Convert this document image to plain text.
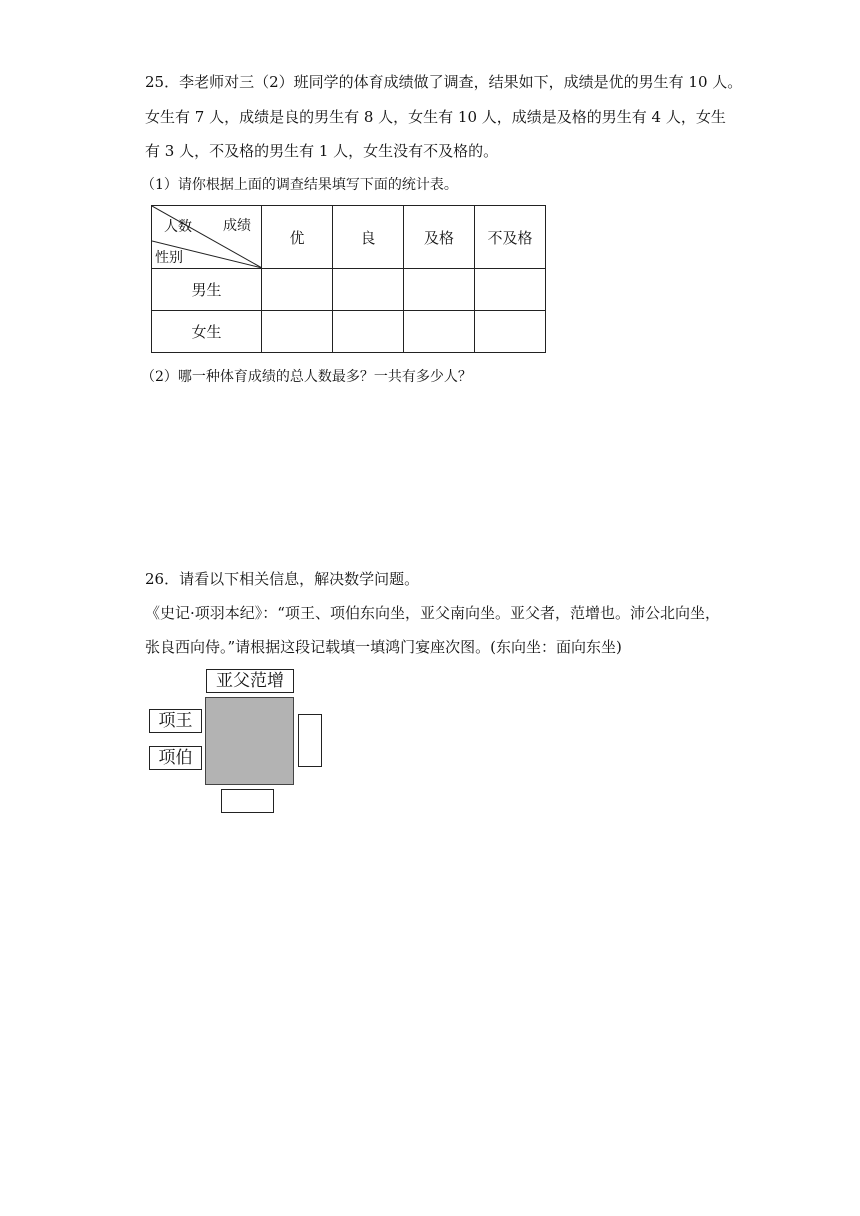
25．李老师对三（2）班同学的体育成绩做了调查，结果如下，成绩是优的男生有 10 人。
女生有 7 人，成绩是良的男生有 8 人，女生有 10 人，成绩是及格的男生有 4 人，女生
有 3 人，不及格的男生有 1 人，女生没有不及格的。
（1）请你根据上面的调查结果填写下面的统计表。
人数 成绩
性别	优	良	及格	不及格
男生				
女生				
（2）哪一种体育成绩的总人数最多？一共有多少人？
26．请看以下相关信息，解决数学问题。
《史记·项羽本纪》：“项王、项伯东向坐，亚父南向坐。亚父者，范增也。沛公北向坐，
张良西向侍。”请根据这段记载填一填鸿门宴座次图。(东向坐：面向东坐)
亚父范增
项王
项伯
